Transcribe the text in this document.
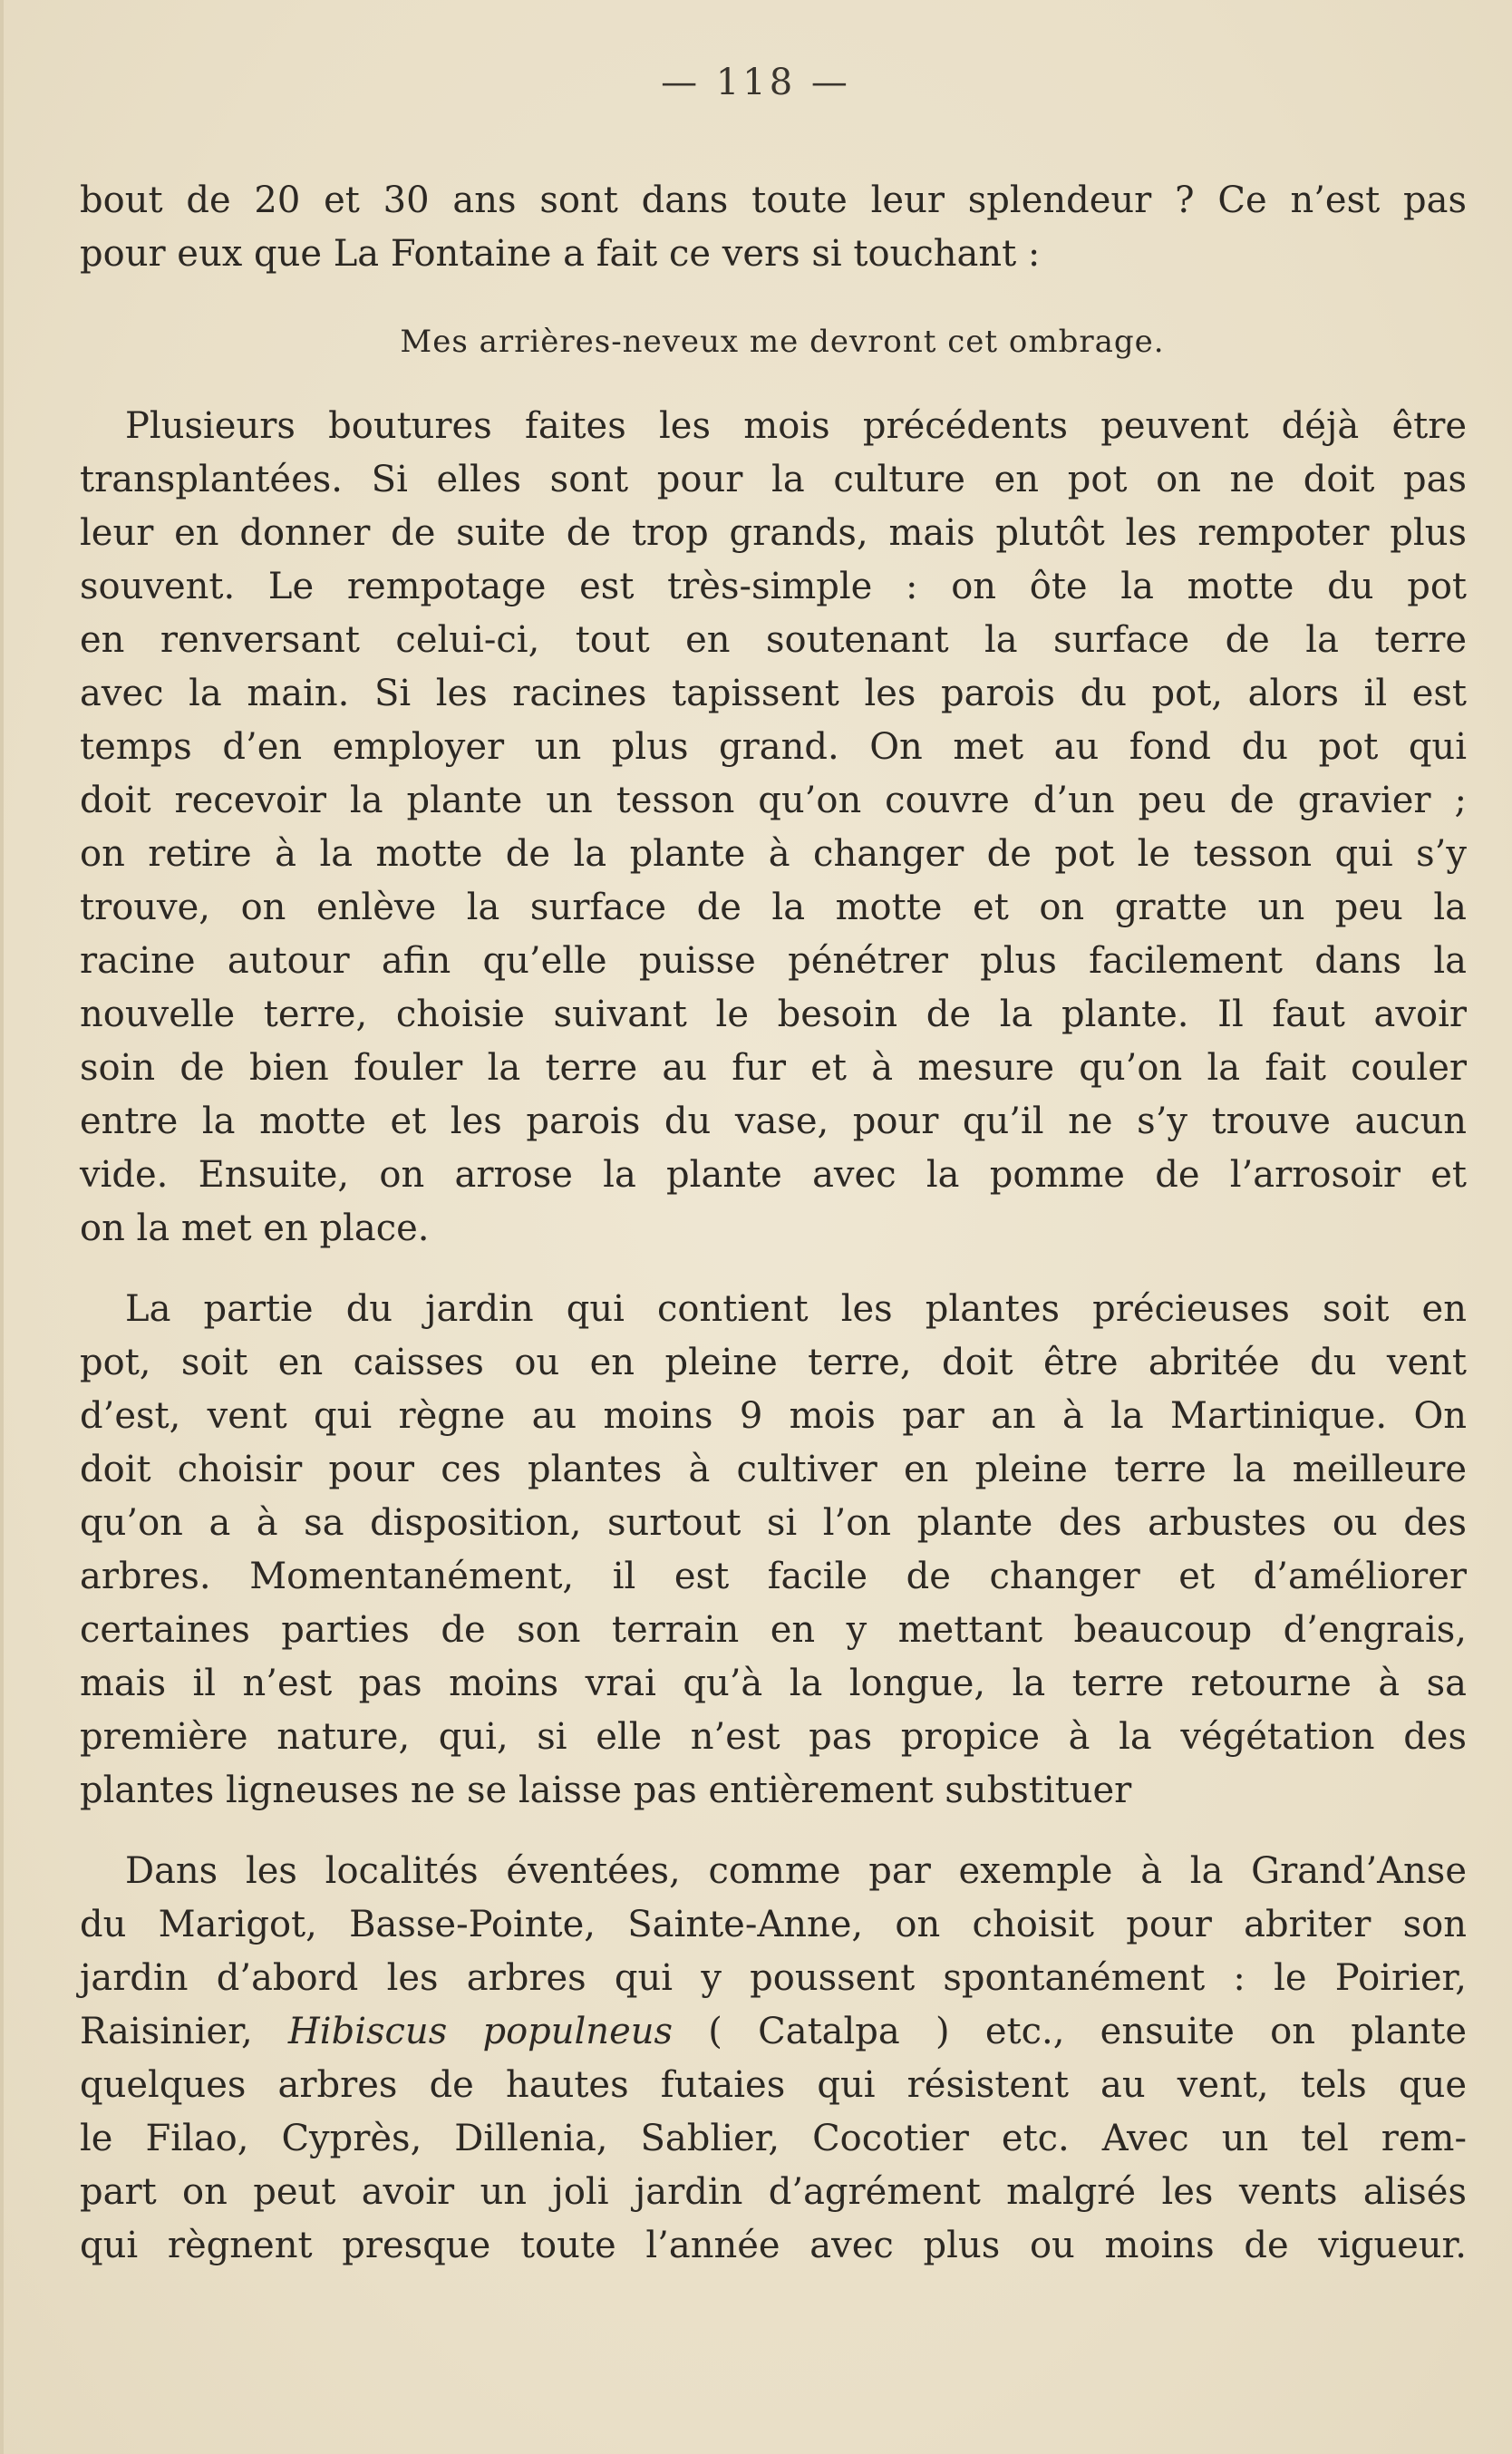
— 118 —
bout de 20 et 30 ans sont dans toute leur splendeur ? Ce n’est pas
pour eux que La Fontaine a fait ce vers si touchant :
Mes arrières-neveux me devront cet ombrage.
Plusieurs boutures faites les mois précédents peuvent déjà être
transplantées. Si elles sont pour la culture en pot on ne doit pas
leur en donner de suite de trop grands, mais plutôt les rempoter plus
souvent. Le rempotage est très-simple : on ôte la motte du pot
en renversant celui-ci, tout en soutenant la surface de la terre
avec la main. Si les racines tapissent les parois du pot, alors il est
temps d’en employer un plus grand. On met au fond du pot qui
doit recevoir la plante un tesson qu’on couvre d’un peu de gravier ;
on retire à la motte de la plante à changer de pot le tesson qui s’y
trouve, on enlève la surface de la motte et on gratte un peu la
racine autour afin qu’elle puisse pénétrer plus facilement dans la
nouvelle terre, choisie suivant le besoin de la plante. Il faut avoir
soin de bien fouler la terre au fur et à mesure qu’on la fait couler
entre la motte et les parois du vase, pour qu’il ne s’y trouve aucun
vide. Ensuite, on arrose la plante avec la pomme de l’arrosoir et
on la met en place.
La partie du jardin qui contient les plantes précieuses soit en
pot, soit en caisses ou en pleine terre, doit être abritée du vent
d’est, vent qui règne au moins 9 mois par an à la Martinique. On
doit choisir pour ces plantes à cultiver en pleine terre la meilleure
qu’on a à sa disposition, surtout si l’on plante des arbustes ou des
arbres. Momentanément, il est facile de changer et d’améliorer
certaines parties de son terrain en y mettant beaucoup d’engrais,
mais il n’est pas moins vrai qu’à la longue, la terre retourne à sa
première nature, qui, si elle n’est pas propice à la végétation des
plantes ligneuses ne se laisse pas entièrement substituer
Dans les localités éventées, comme par exemple à la Grand’Anse
du Marigot, Basse-Pointe, Sainte-Anne, on choisit pour abriter son
jardin d’abord les arbres qui y poussent spontanément : le Poirier,
Raisinier, Hibiscus populneus ( Catalpa ) etc., ensuite on plante
quelques arbres de hautes futaies qui résistent au vent, tels que
le Filao, Cyprès, Dillenia, Sablier, Cocotier etc. Avec un tel rem-
part on peut avoir un joli jardin d’agrément malgré les vents alisés
qui règnent presque toute l’année avec plus ou moins de vigueur.
